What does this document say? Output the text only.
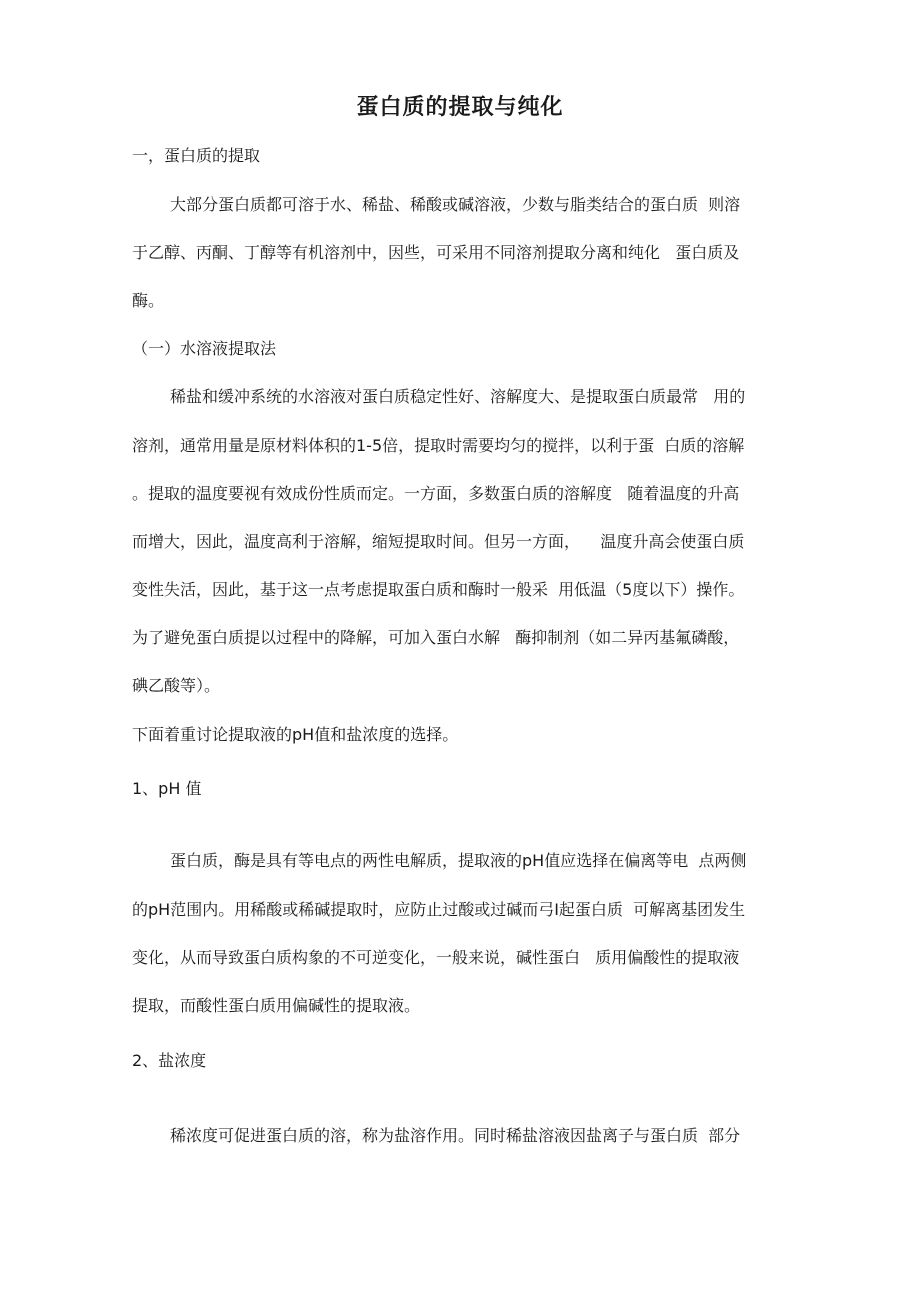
蛋白质的提取与纯化
一，蛋白质的提取
大部分蛋白质都可溶于水、稀盐、稀酸或碱溶液，少数与脂类结合的蛋白质  则溶
于乙醇、丙酮、丁醇等有机溶剂中，因些，可采用不同溶剂提取分离和纯化   蛋白质及
酶。
（一）水溶液提取法
稀盐和缓冲系统的水溶液对蛋白质稳定性好、溶解度大、是提取蛋白质最常   用的
溶剂，通常用量是原材料体积的1-5倍，提取时需要均匀的搅拌，以利于蛋  白质的溶解
。提取的温度要视有效成份性质而定。一方面，多数蛋白质的溶解度   随着温度的升高
而增大，因此，温度高利于溶解，缩短提取时间。但另一方面，    温度升高会使蛋白质
变性失活，因此，基于这一点考虑提取蛋白质和酶时一般采  用低温（5度以下）操作。
为了避免蛋白质提以过程中的降解，可加入蛋白水解   酶抑制剂（如二异丙基氟磷酸，
碘乙酸等）。
下面着重讨论提取液的pH值和盐浓度的选择。
1、pH 值
蛋白质，酶是具有等电点的两性电解质，提取液的pH值应选择在偏离等电  点两侧
的pH范围内。用稀酸或稀碱提取时，应防止过酸或过碱而弓I起蛋白质  可解离基团发生
变化，从而导致蛋白质构象的不可逆变化，一般来说，碱性蛋白   质用偏酸性的提取液
提取，而酸性蛋白质用偏碱性的提取液。
2、盐浓度
稀浓度可促进蛋白质的溶，称为盐溶作用。同时稀盐溶液因盐离子与蛋白质  部分
